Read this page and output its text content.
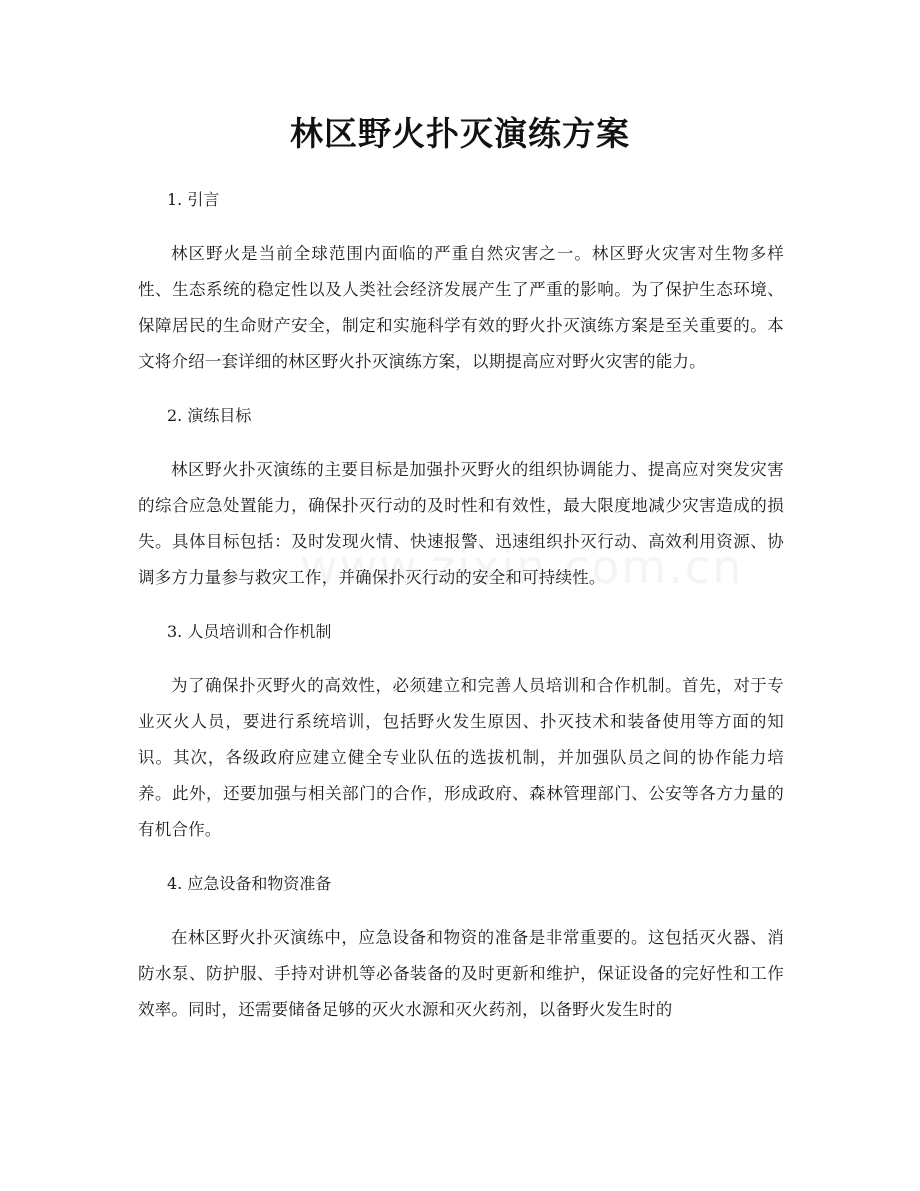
林区野火扑灭演练方案
1. 引言

林区野火是当前全球范围内面临的严重自然灾害之一。林区野火灾害对生物多样性、生态系统的稳定性以及人类社会经济发展产生了严重的影响。为了保护生态环境、保障居民的生命财产安全，制定和实施科学有效的野火扑灭演练方案是至关重要的。本文将介绍一套详细的林区野火扑灭演练方案，以期提高应对野火灾害的能力。

2. 演练目标

林区野火扑灭演练的主要目标是加强扑灭野火的组织协调能力、提高应对突发灾害的综合应急处置能力，确保扑灭行动的及时性和有效性，最大限度地减少灾害造成的损失。具体目标包括：及时发现火情、快速报警、迅速组织扑灭行动、高效利用资源、协调多方力量参与救灾工作，并确保扑灭行动的安全和可持续性。

3. 人员培训和合作机制

为了确保扑灭野火的高效性，必须建立和完善人员培训和合作机制。首先，对于专业灭火人员，要进行系统培训，包括野火发生原因、扑灭技术和装备使用等方面的知识。其次，各级政府应建立健全专业队伍的选拔机制，并加强队员之间的协作能力培养。此外，还要加强与相关部门的合作，形成政府、森林管理部门、公安等各方力量的有机合作。

4. 应急设备和物资准备

在林区野火扑灭演练中，应急设备和物资的准备是非常重要的。这包括灭火器、消防水泵、防护服、手持对讲机等必备装备的及时更新和维护，保证设备的完好性和工作效率。同时，还需要储备足够的灭火水源和灭火药剂，以备野火发生时的
